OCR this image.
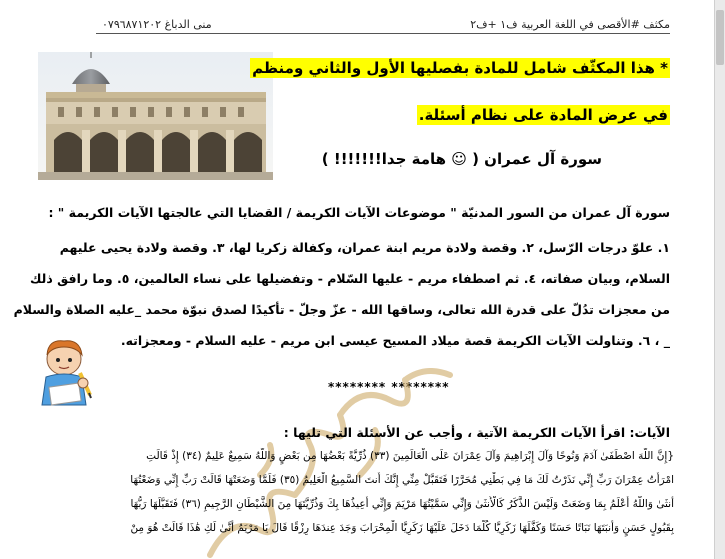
مكثف #الأقصى في اللغة العربية ف١ +ف٢
منى الدباغ ٠٧٩٦٨٧١٢٠٢
* هذا المكثّف شامل للمادة بفصليها الأول والثاني ومنظم
في عرض المادة على نظام أسئلة.
سورة آل عمران ( ☺ هامة جدا!!!!!!! )
سورة آل عمران من السور المدنيّة " موضوعات الآيات الكريمة / القضايا التي عالجتها الآيات الكريمة " :
١. علوّ درجات الرّسل، ٢. وقصة ولادة مريم ابنة عمران، وكفالة زكريا لها، ٣. وقصة ولادة يحيى عليهم
السلام، وبيان صفاته، ٤. ثم اصطفاء مريم - عليها السّلام - وتفضيلها على نساء العالمين، ٥. وما رافق ذلك
من معجزات تدُلّ على قدرة الله تعالى، وساقها الله - عزّ وجلّ - تأكيدًا لصدق نبوّة محمد _عليه الصلاة والسلام
_ ، ٦. وتناولت الآيات الكريمة قصة ميلاد المسيح عيسى ابن مريم - عليه السلام - ومعجزاته.
******** ********
الآيات: اقرأ الآيات الكريمة الآتية ، وأجب عن الأسئلة التي تليها :
{إِنَّ اللَّهَ اصْطَفَىٰ آدَمَ وَنُوحًا وَآلَ إِبْرَاهِيمَ وَآلَ عِمْرَانَ عَلَى الْعَالَمِينَ (٣٣) ذُرِّيَّةً بَعْضُهَا مِن بَعْضٍ وَاللَّهُ سَمِيعٌ عَلِيمٌ (٣٤) إِذْ قَالَتِ
امْرَأَتُ عِمْرَانَ رَبِّ إِنِّي نَذَرْتُ لَكَ مَا فِي بَطْنِي مُحَرَّرًا فَتَقَبَّلْ مِنِّي إِنَّكَ أَنتَ السَّمِيعُ الْعَلِيمُ (٣٥) فَلَمَّا وَضَعَتْهَا قَالَتْ رَبِّ إِنِّي وَضَعْتُهَا
أُنثَىٰ وَاللَّهُ أَعْلَمُ بِمَا وَضَعَتْ وَلَيْسَ الذَّكَرُ كَالْأُنثَىٰ وَإِنِّي سَمَّيْتُهَا مَرْيَمَ وَإِنِّي أُعِيذُهَا بِكَ وَذُرِّيَّتَهَا مِنَ الشَّيْطَانِ الرَّجِيمِ (٣٦) فَتَقَبَّلَهَا رَبُّهَا
بِقَبُولٍ حَسَنٍ وَأَنبَتَهَا نَبَاتًا حَسَنًا وَكَفَّلَهَا زَكَرِيَّا كُلَّمَا دَخَلَ عَلَيْهَا زَكَرِيَّا الْمِحْرَابَ وَجَدَ عِندَهَا رِزْقًا قَالَ يَا مَرْيَمُ أَنَّىٰ لَكِ هَٰذَا قَالَتْ هُوَ مِنْ
